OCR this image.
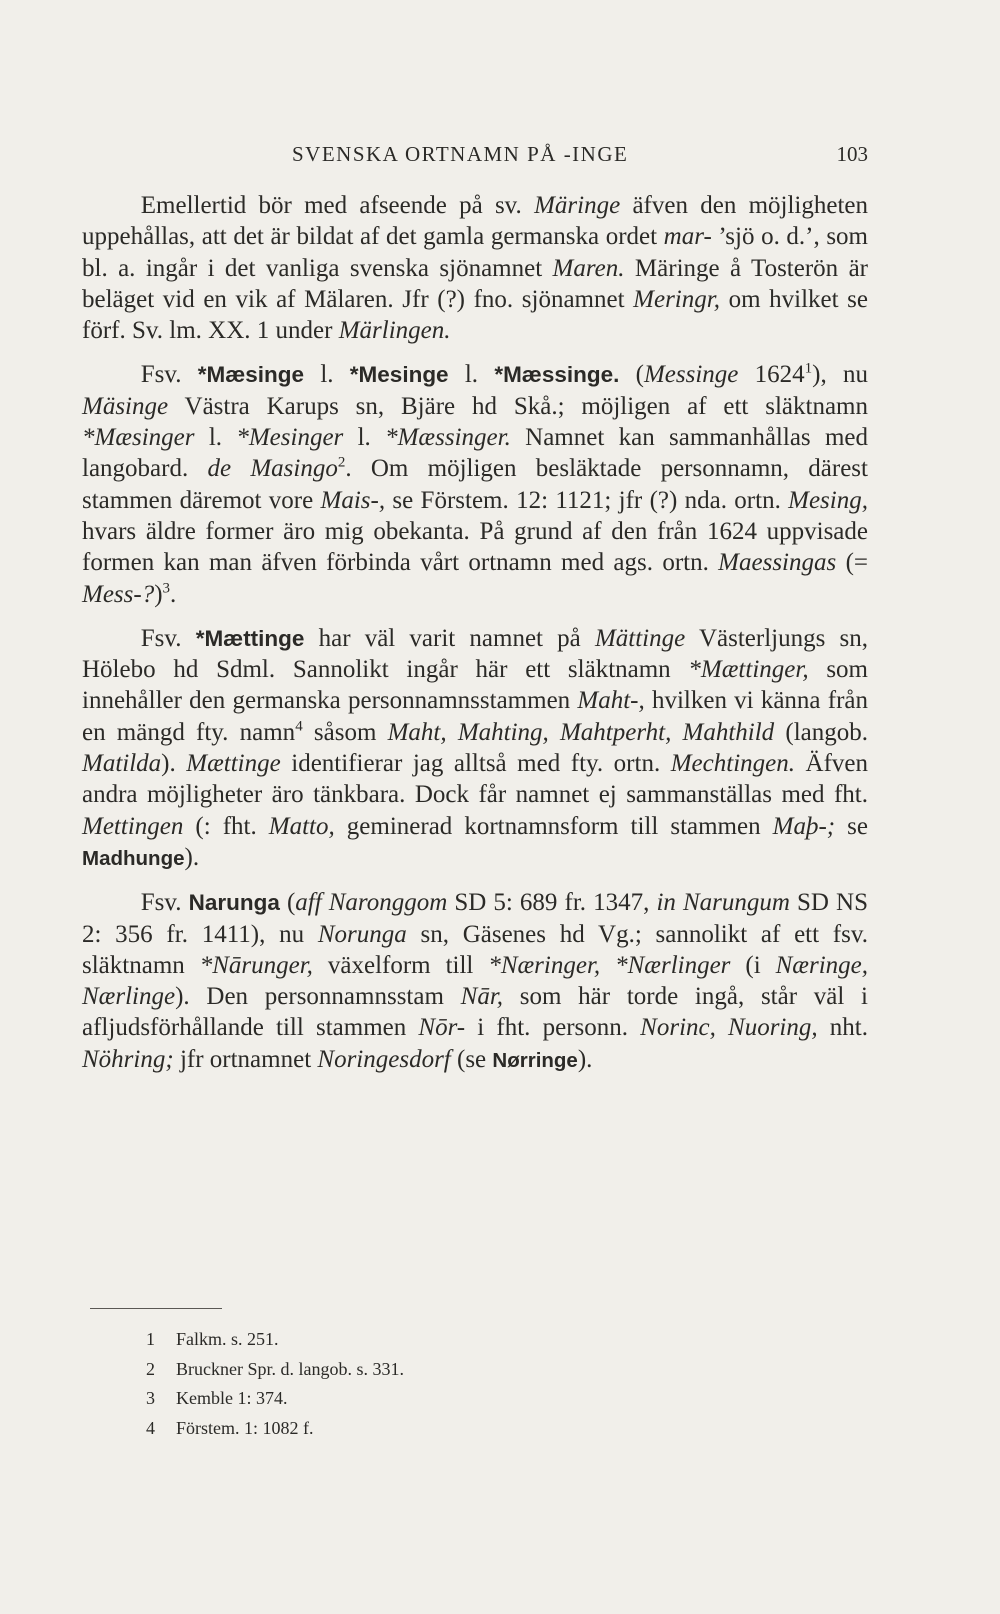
SVENSKA ORTNAMN PÅ -INGE	103

Emellertid bör med afseende på sv. Märinge äfven den möjligheten uppehållas, att det är bildat af det gamla germanska ordet mar- ’sjö o. d.’, som bl. a. ingår i det vanliga svenska sjönamnet Maren. Märinge å Tosterön är beläget vid en vik af Mälaren. Jfr (?) fno. sjönamnet Meringr, om hvilket se förf. Sv. lm. XX. 1 under Märlingen.

Fsv. *Mæsinge l. *Mesinge l. *Mæssinge. (Messinge 1624$^1$), nu Mäsinge Västra Karups sn, Bjäre hd Skå.; möjligen af ett släktnamn *Mæsinger l. *Mesinger l. *Mæssinger. Namnet kan sammanhållas med langobard. de Masingo$^2$. Om möjligen besläktade personnamn, därest stammen däremot vore Mais-, se Förstem. 12: 1121; jfr (?) nda. ortn. Mesing, hvars äldre former äro mig obekanta. På grund af den från 1624 uppvisade formen kan man äfven förbinda vårt ortnamn med ags. ortn. Maessingas (= Mess-?)$^3$.

Fsv. *Mættinge har väl varit namnet på Mättinge Västerljungs sn, Hölebo hd Sdml. Sannolikt ingår här ett släktnamn *Mættinger, som innehåller den germanska personnamnsstammen Maht-, hvilken vi känna från en mängd fty. namn$^4$ såsom Maht, Mahting, Mahtperht, Mahthild (langob. Matilda). Mættinge identifierar jag alltså med fty. ortn. Mechtingen. Äfven andra möjligheter äro tänkbara. Dock får namnet ej sammanställas med fht. Mettingen (: fht. Matto, geminerad kortnamnsform till stammen Maþ-; se Madhunge).

Fsv. Narunga (aff Naronggom SD 5: 689 fr. 1347, in Narungum SD NS 2: 356 fr. 1411), nu Norunga sn, Gäsenes hd Vg.; sannolikt af ett fsv. släktnamn *Nārunger, växelform till *Næringer, *Nærlinger (i Næringe, Nærlinge). Den personnamnsstam Nār, som här torde ingå, står väl i afljudsförhållande till stammen Nōr- i fht. personn. Norinc, Nuoring, nht. Nöhring; jfr ortnamnet Noringesdorf (se Nørringe).

1 Falkm. s. 251.
2 Bruckner Spr. d. langob. s. 331.
3 Kemble 1: 374.
4 Förstem. 1: 1082 f.
